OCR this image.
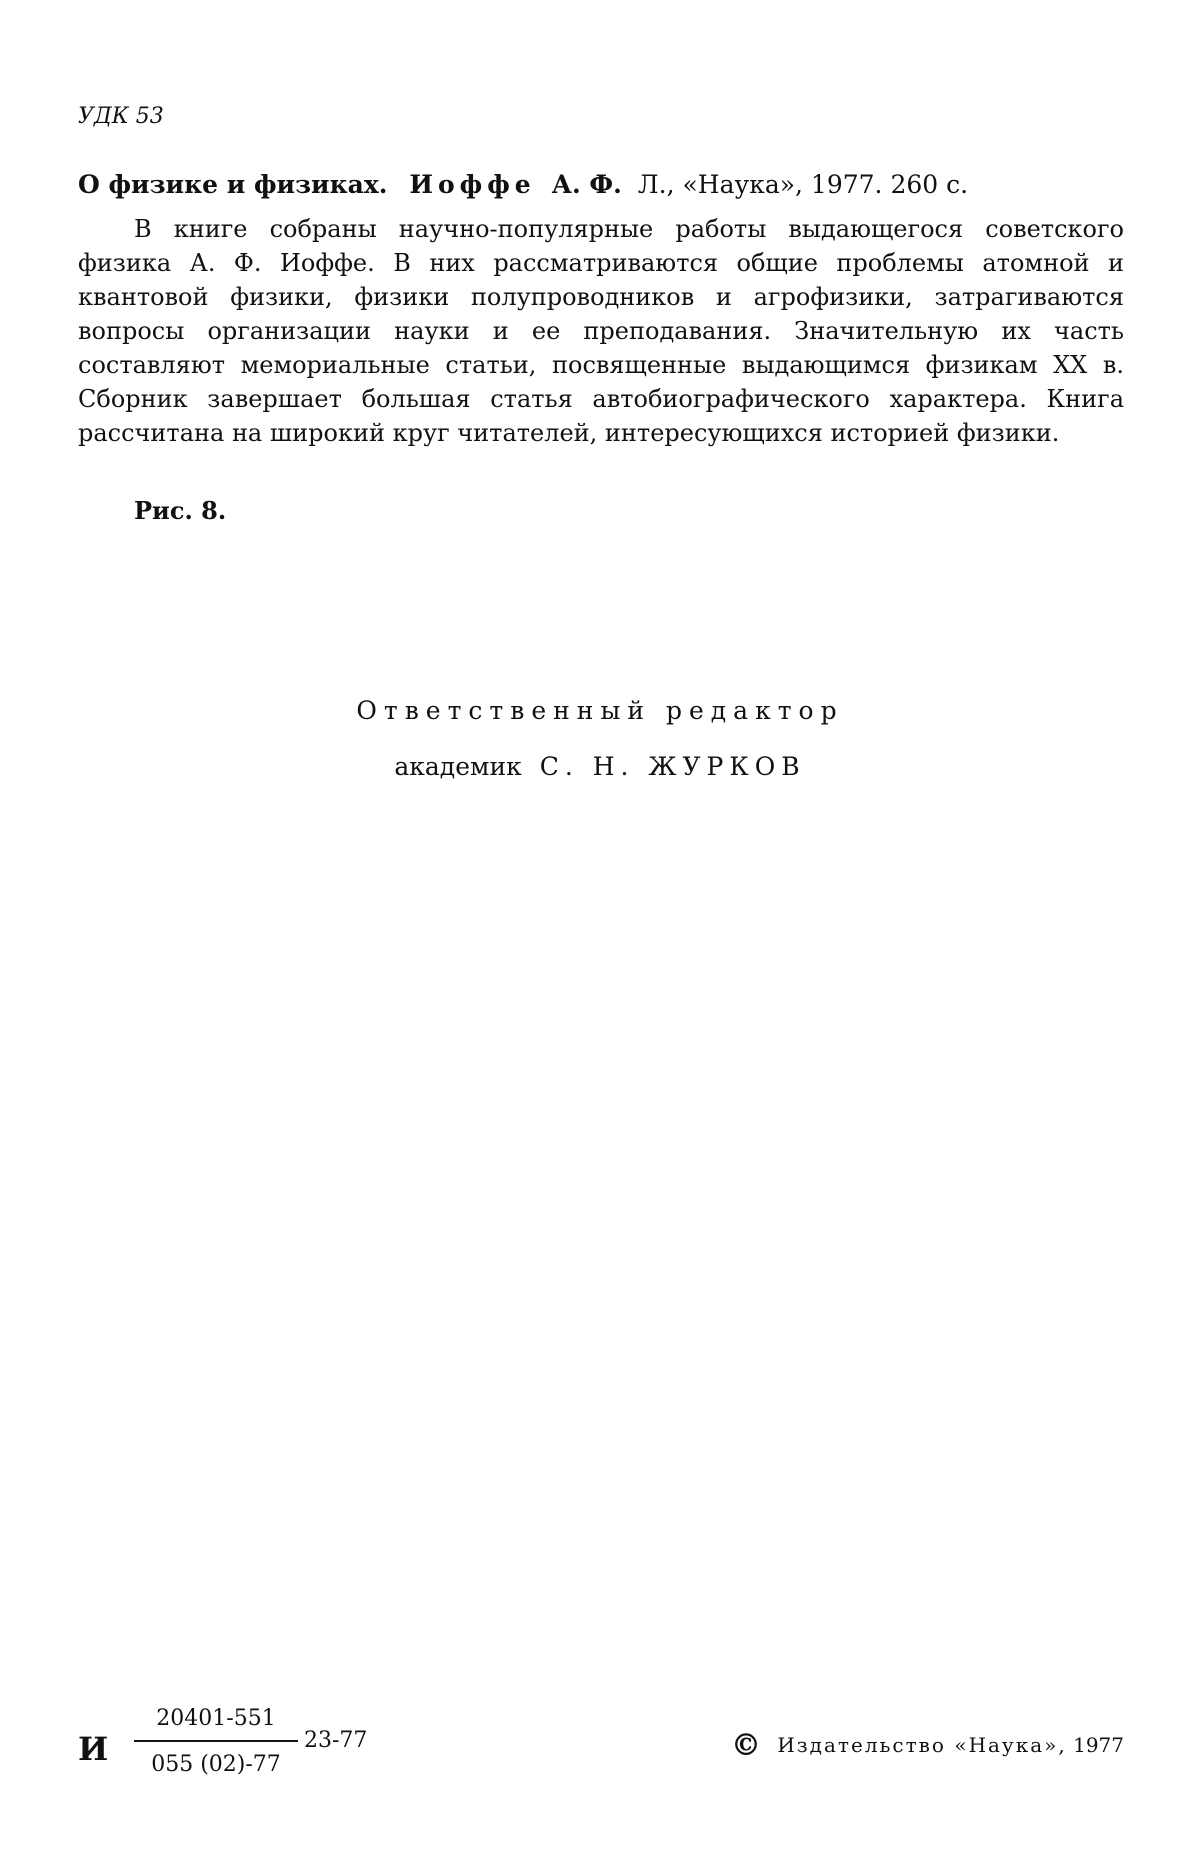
УДК 53
О физике и физиках. Иоффе А. Ф. Л., «Наука», 1977. 260 с.

В книге собраны научно-популярные работы выдающегося советского физика А. Ф. Иоффе. В них рассматриваются общие проблемы атомной и квантовой физики, физики полупроводников и агрофизики, затрагиваются вопросы организации науки и ее преподавания. Значительную их часть составляют мемориальные статьи, посвященные выдающимся физикам XX в. Сборник завершает большая статья автобиографического характера. Книга рассчитана на широкий круг читателей, интересующихся историей физики.

Рис. 8.
Ответственный редактор
академик С. Н. ЖУРКОВ
И
20401-551
055 (02)-77
23-77	© Издательство «Наука», 1977
